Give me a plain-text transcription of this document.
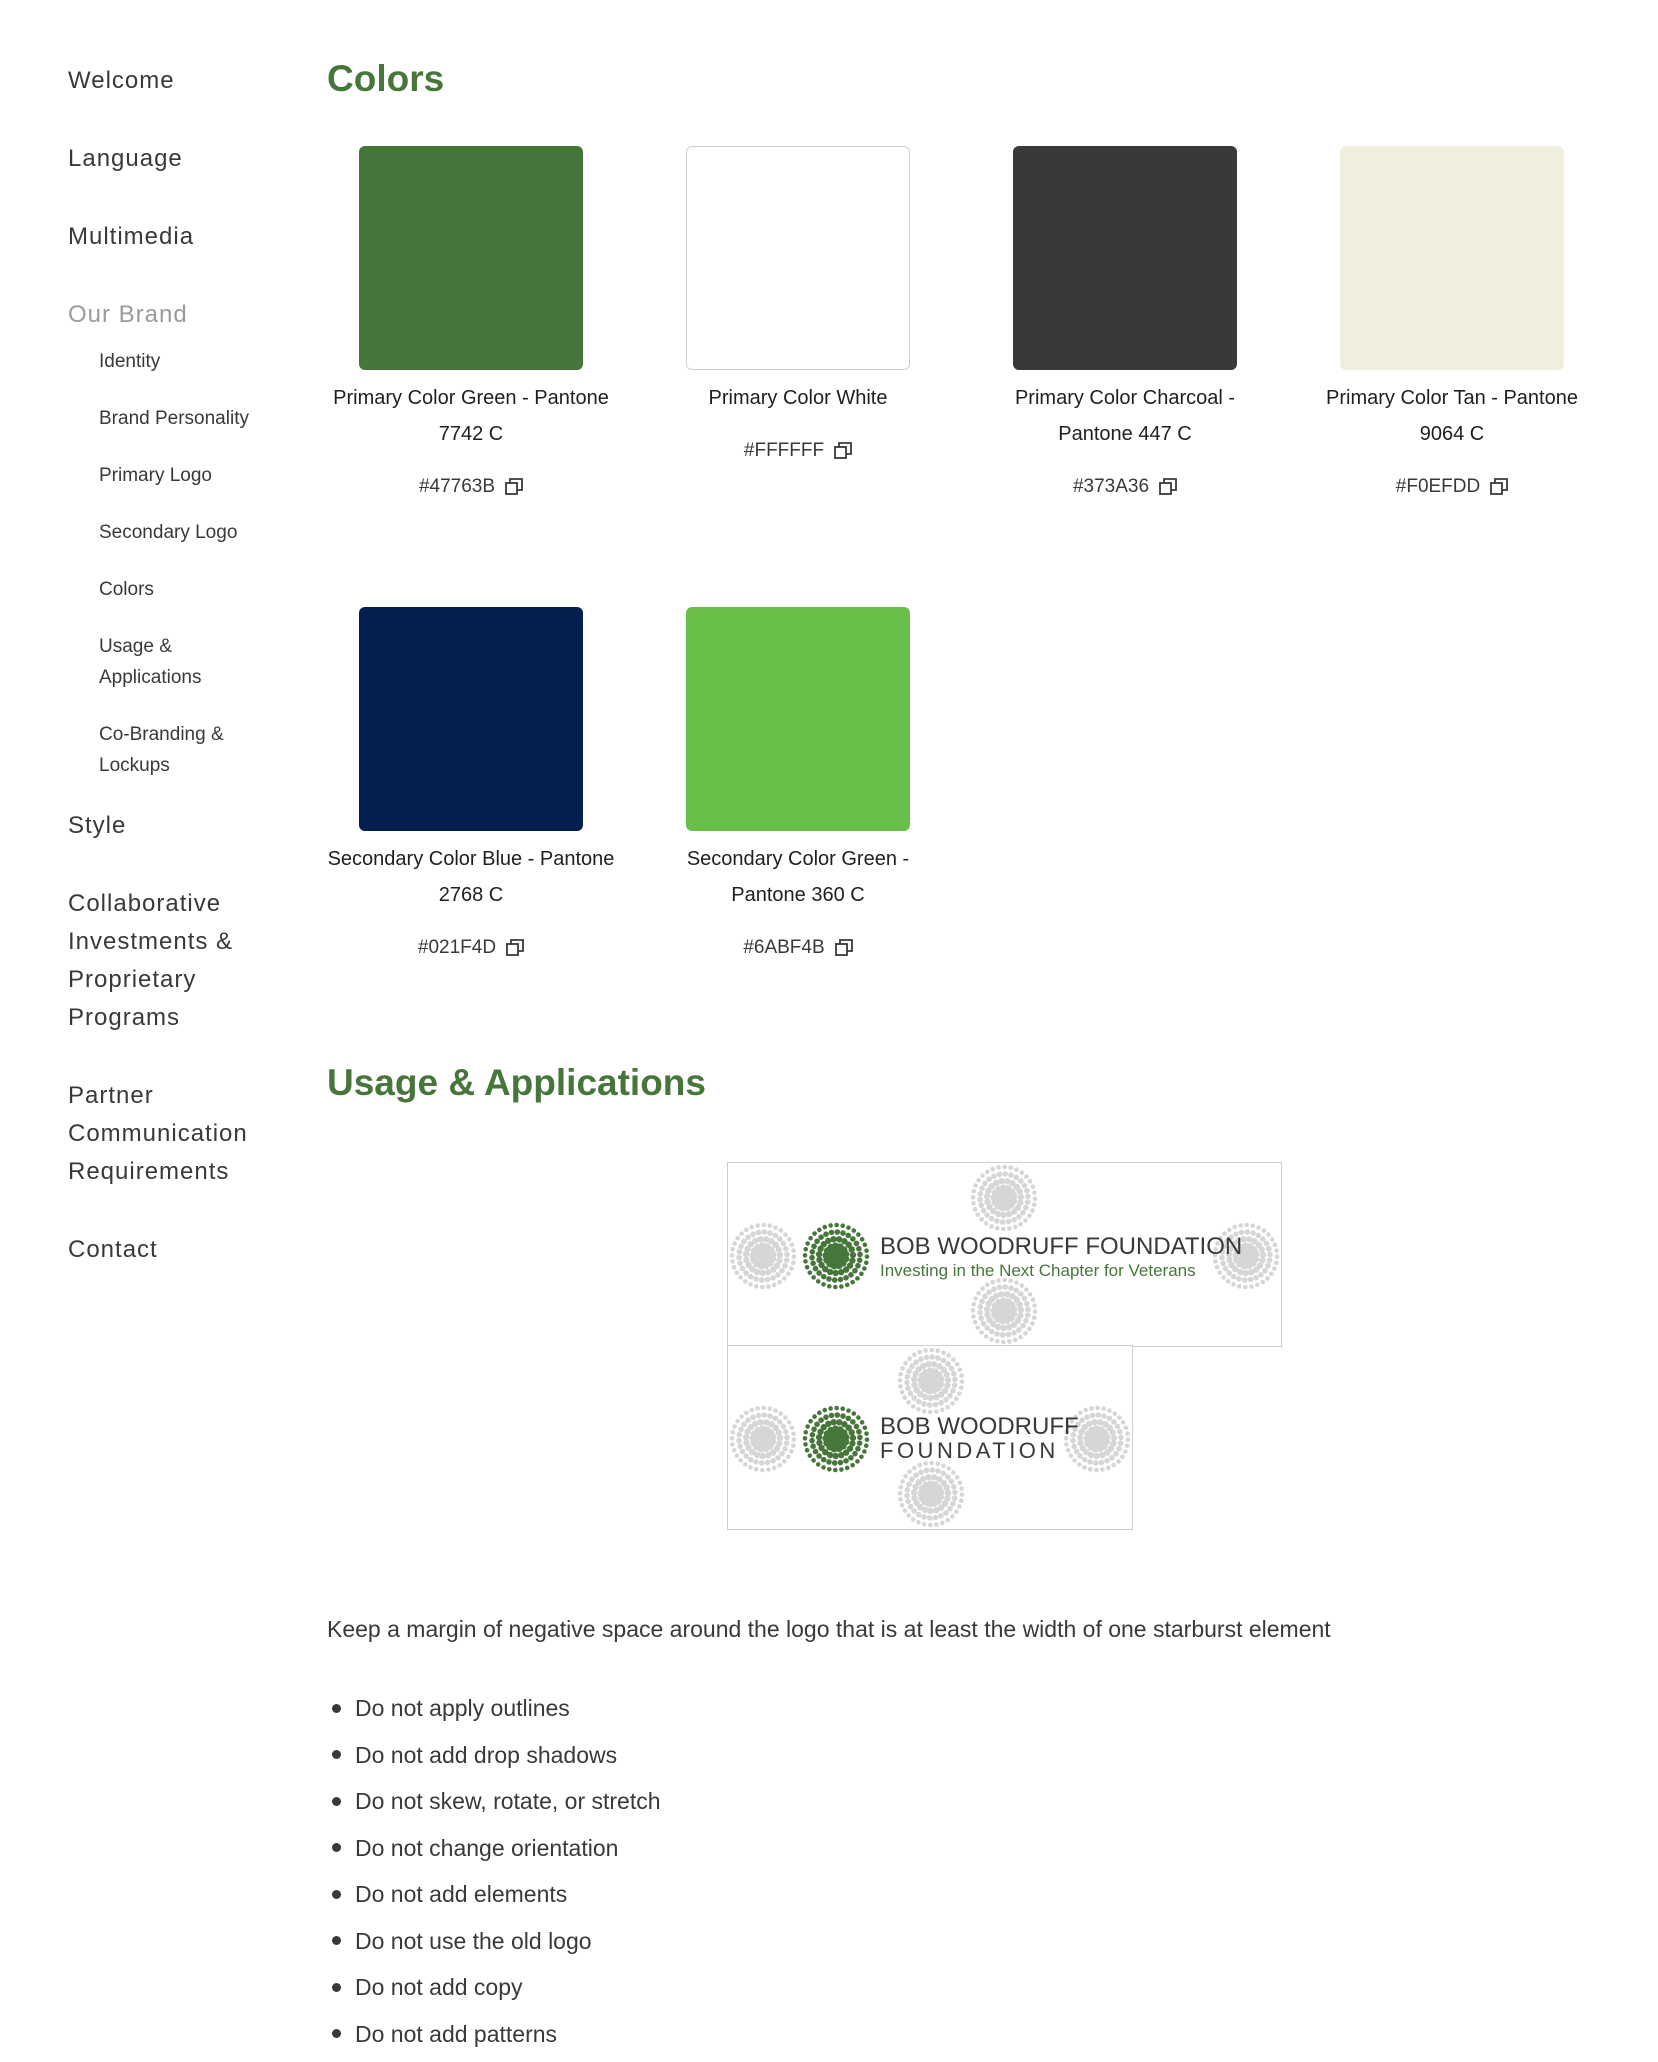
Welcome
Language
Multimedia
Our Brand
Identity
Brand Personality
Primary Logo
Secondary Logo
Colors
Usage & Applications
Co-Branding & Lockups
Style
Collaborative Investments & Proprietary Programs
Partner Communication Requirements
Contact
Colors
Primary Color Green - Pantone 7742 C
#47763B
Primary Color White
#FFFFFF
Primary Color Charcoal - Pantone 447 C
#373A36
Primary Color Tan - Pantone 9064 C
#F0EFDD
Secondary Color Blue - Pantone 2768 C
#021F4D
Secondary Color Green - Pantone 360 C
#6ABF4B
Usage & Applications
BOB WOODRUFF FOUNDATION
Investing in the Next Chapter for Veterans
BOB WOODRUFF
FOUNDATION

Keep a margin of negative space around the logo that is at least the width of one starburst element

Do not apply outlines
Do not add drop shadows
Do not skew, rotate, or stretch
Do not change orientation
Do not add elements
Do not use the old logo
Do not add copy
Do not add patterns
